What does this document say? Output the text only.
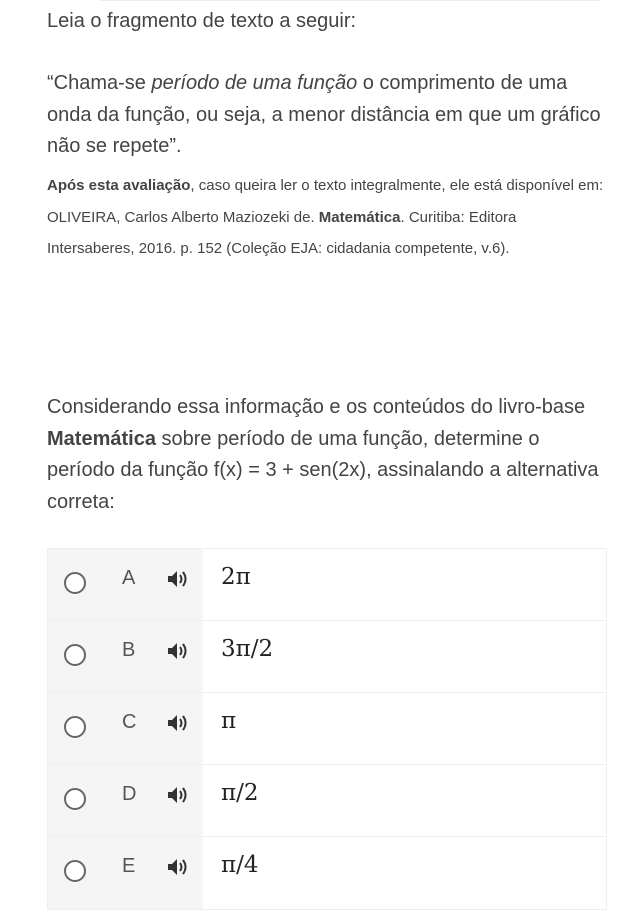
Leia o fragmento de texto a seguir:
“Chama-se período de uma função o comprimento de uma onda da função, ou seja, a menor distância em que um gráfico não se repete”.
Após esta avaliação, caso queira ler o texto integralmente, ele está disponível em: OLIVEIRA, Carlos Alberto Maziozeki de. Matemática. Curitiba: Editora Intersaberes, 2016. p. 152 (Coleção EJA: cidadania competente, v.6).
Considerando essa informação e os conteúdos do livro-base Matemática sobre período de uma função, determine o período da função f(x) = 3 + sen(2x), assinalando a alternativa correta:
A	2π
B	3π/2
C	π
D	π/2
E	π/4
